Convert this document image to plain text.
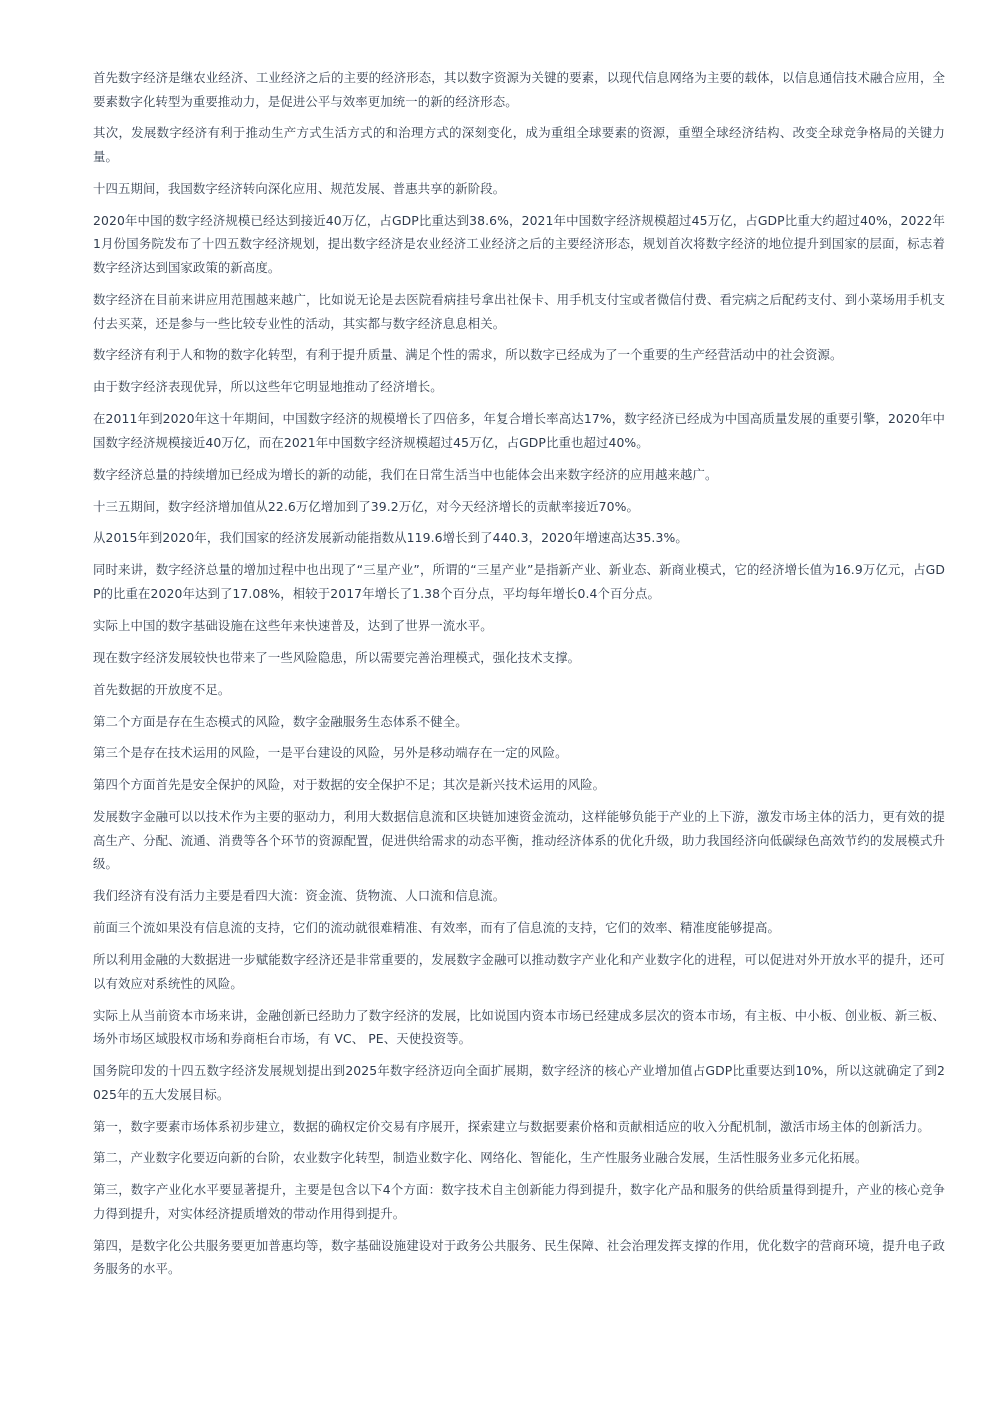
首先数字经济是继农业经济、工业经济之后的主要的经济形态，其以数字资源为关键的要素，以现代信息网络为主要的载体，以信息通信技术融合应用，全要素数字化转型为重要推动力，是促进公平与效率更加统一的新的经济形态。

其次，发展数字经济有利于推动生产方式生活方式的和治理方式的深刻变化，成为重组全球要素的资源，重塑全球经济结构、改变全球竞争格局的关键力量。

十四五期间，我国数字经济转向深化应用、规范发展、普惠共享的新阶段。

2020年中国的数字经济规模已经达到接近40万亿，占GDP比重达到38.6%，2021年中国数字经济规模超过45万亿，占GDP比重大约超过40%，2022年1月份国务院发布了十四五数字经济规划，提出数字经济是农业经济工业经济之后的主要经济形态，规划首次将数字经济的地位提升到国家的层面，标志着数字经济达到国家政策的新高度。

数字经济在目前来讲应用范围越来越广，比如说无论是去医院看病挂号拿出社保卡、用手机支付宝或者微信付费、看完病之后配药支付、到小菜场用手机支付去买菜，还是参与一些比较专业性的活动，其实都与数字经济息息相关。

数字经济有利于人和物的数字化转型，有利于提升质量、满足个性的需求，所以数字已经成为了一个重要的生产经营活动中的社会资源。

由于数字经济表现优异，所以这些年它明显地推动了经济增长。

在2011年到2020年这十年期间，中国数字经济的规模增长了四倍多，年复合增长率高达17%，数字经济已经成为中国高质量发展的重要引擎，2020年中国数字经济规模接近40万亿，而在2021年中国数字经济规模超过45万亿，占GDP比重也超过40%。

数字经济总量的持续增加已经成为增长的新的动能，我们在日常生活当中也能体会出来数字经济的应用越来越广。

十三五期间，数字经济增加值从22.6万亿增加到了39.2万亿，对今天经济增长的贡献率接近70%。

从2015年到2020年，我们国家的经济发展新动能指数从119.6增长到了440.3，2020年增速高达35.3%。

同时来讲，数字经济总量的增加过程中也出现了“三星产业”，所谓的“三星产业”是指新产业、新业态、新商业模式，它的经济增长值为16.9万亿元，占GDP的比重在2020年达到了17.08%，相较于2017年增长了1.38个百分点，平均每年增长0.4个百分点。

实际上中国的数字基础设施在这些年来快速普及，达到了世界一流水平。

现在数字经济发展较快也带来了一些风险隐患，所以需要完善治理模式，强化技术支撑。

首先数据的开放度不足。

第二个方面是存在生态模式的风险，数字金融服务生态体系不健全。

第三个是存在技术运用的风险，一是平台建设的风险，另外是移动端存在一定的风险。

第四个方面首先是安全保护的风险，对于数据的安全保护不足；其次是新兴技术运用的风险。

发展数字金融可以以技术作为主要的驱动力，利用大数据信息流和区块链加速资金流动，这样能够负能于产业的上下游，激发市场主体的活力，更有效的提高生产、分配、流通、消费等各个环节的资源配置，促进供给需求的动态平衡，推动经济体系的优化升级，助力我国经济向低碳绿色高效节约的发展模式升级。

我们经济有没有活力主要是看四大流：资金流、货物流、人口流和信息流。

前面三个流如果没有信息流的支持，它们的流动就很难精准、有效率，而有了信息流的支持，它们的效率、精准度能够提高。

所以利用金融的大数据进一步赋能数字经济还是非常重要的，发展数字金融可以推动数字产业化和产业数字化的进程，可以促进对外开放水平的提升，还可以有效应对系统性的风险。

实际上从当前资本市场来讲，金融创新已经助力了数字经济的发展，比如说国内资本市场已经建成多层次的资本市场，有主板、中小板、创业板、新三板、场外市场区域股权市场和券商柜台市场，有 VC、 PE、天使投资等。

国务院印发的十四五数字经济发展规划提出到2025年数字经济迈向全面扩展期，数字经济的核心产业增加值占GDP比重要达到10%，所以这就确定了到2025年的五大发展目标。

第一，数字要素市场体系初步建立，数据的确权定价交易有序展开，探索建立与数据要素价格和贡献相适应的收入分配机制，激活市场主体的创新活力。

第二，产业数字化要迈向新的台阶，农业数字化转型，制造业数字化、网络化、智能化，生产性服务业融合发展，生活性服务业多元化拓展。

第三，数字产业化水平要显著提升，主要是包含以下4个方面：数字技术自主创新能力得到提升，数字化产品和服务的供给质量得到提升，产业的核心竞争力得到提升，对实体经济提质增效的带动作用得到提升。

第四，是数字化公共服务要更加普惠均等，数字基础设施建设对于政务公共服务、民生保障、社会治理发挥支撑的作用，优化数字的营商环境，提升电子政务服务的水平。
